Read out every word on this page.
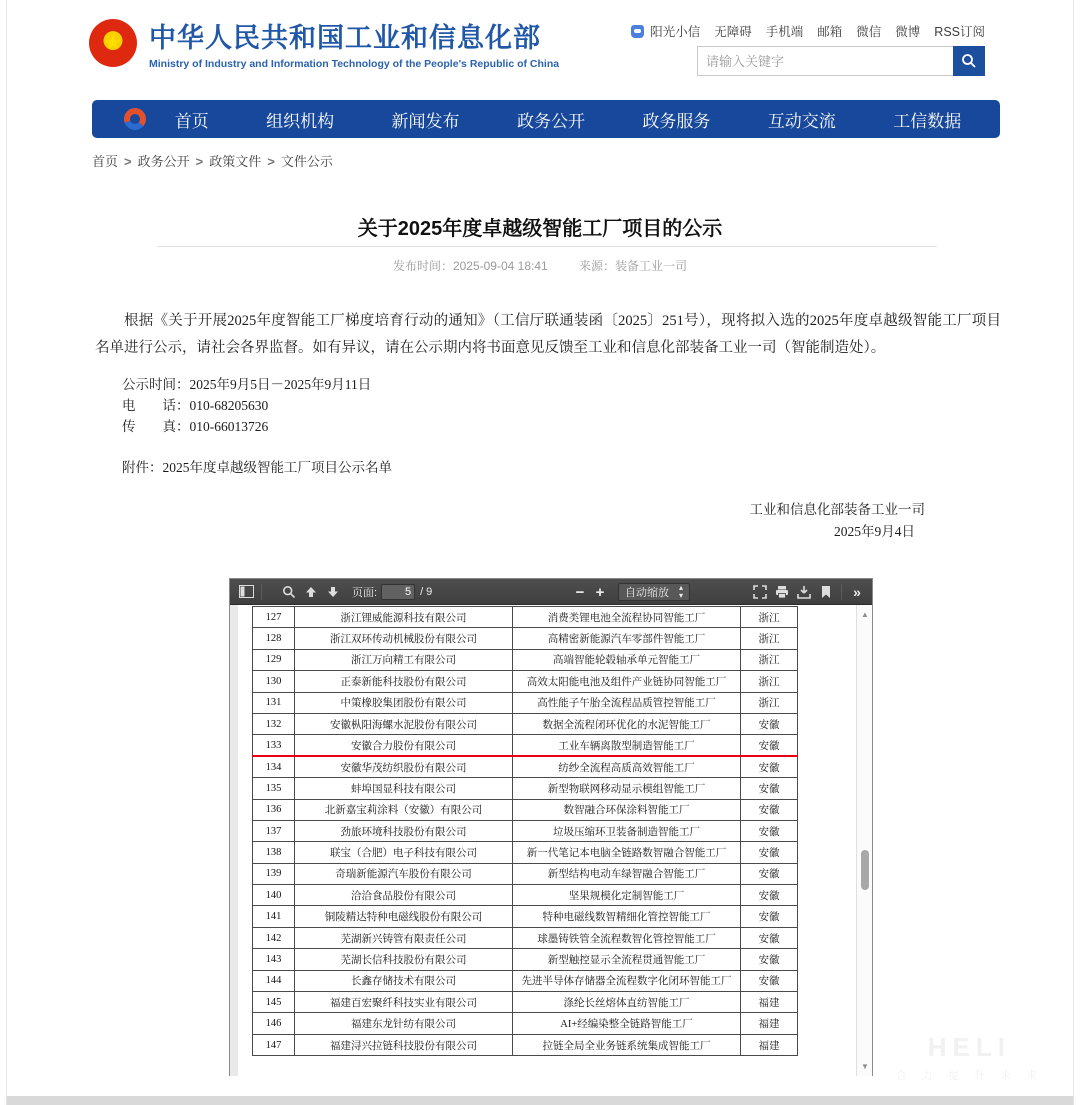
★ 中华人民共和国工业和信息化部
Ministry of Industry and Information Technology of the People's Republic of China
阳光小信 无障碍 手机端 邮箱 微信 微博 RSS订阅
请输入关键字
首页	组织机构	新闻发布	政务公开	政务服务	互动交流	工信数据
首页 > 政务公开 > 政策文件 > 文件公示
关于2025年度卓越级智能工厂项目的公示
发布时间：2025-09-04 18:41	来源：装备工业一司

根据《关于开展2025年度智能工厂梯度培育行动的通知》（工信厅联通装函〔2025〕251号），现将拟入选的2025年度卓越级智能工厂项目名单进行公示，请社会各界监督。如有异议，请在公示期内将书面意见反馈至工业和信息化部装备工业一司（智能制造处）。

公示时间：2025年9月5日－2025年9月11日
电　　话：010-68205630
传　　真：010-66013726

附件：2025年度卓越级智能工厂项目公示名单

工业和信息化部装备工业一司
2025年9月4日
页面:
5	/ 9	− +	自动缩放 ▴
▾	»
127	浙江锂威能源科技有限公司	消费类锂电池全流程协同智能工厂	浙江
128	浙江双环传动机械股份有限公司	高精密新能源汽车零部件智能工厂	浙江
129	浙江万向精工有限公司	高端智能轮毂轴承单元智能工厂	浙江
130	正泰新能科技股份有限公司	高效太阳能电池及组件产业链协同智能工厂	浙江
131	中策橡胶集团股份有限公司	高性能子午胎全流程品质管控智能工厂	浙江
132	安徽枞阳海螺水泥股份有限公司	数据全流程闭环优化的水泥智能工厂	安徽
133	安徽合力股份有限公司	工业车辆离散型制造智能工厂	安徽
134	安徽华茂纺织股份有限公司	纺纱全流程高质高效智能工厂	安徽
135	蚌埠国显科技有限公司	新型物联网移动显示模组智能工厂	安徽
136	北新嘉宝莉涂料（安徽）有限公司	数智融合环保涂料智能工厂	安徽
137	劲旅环境科技股份有限公司	垃圾压缩环卫装备制造智能工厂	安徽
138	联宝（合肥）电子科技有限公司	新一代笔记本电脑全链路数智融合智能工厂	安徽
139	奇瑞新能源汽车股份有限公司	新型结构电动车绿智融合智能工厂	安徽
140	洽洽食品股份有限公司	坚果规模化定制智能工厂	安徽
141	铜陵精达特种电磁线股份有限公司	特种电磁线数智精细化管控智能工厂	安徽
142	芜湖新兴铸管有限责任公司	球墨铸铁管全流程数智化管控智能工厂	安徽
143	芜湖长信科技股份有限公司	新型触控显示全流程贯通智能工厂	安徽
144	长鑫存储技术有限公司	先进半导体存储器全流程数字化闭环智能工厂	安徽
145	福建百宏聚纤科技实业有限公司	涤纶长丝熔体直纺智能工厂	福建
146	福建东龙针纺有限公司	AI+经编染整全链路智能工厂	福建
147	福建浔兴拉链科技股份有限公司	拉链全局全业务链系统集成智能工厂	福建
▲
▼
HELI
合 力 提 升 未 来
